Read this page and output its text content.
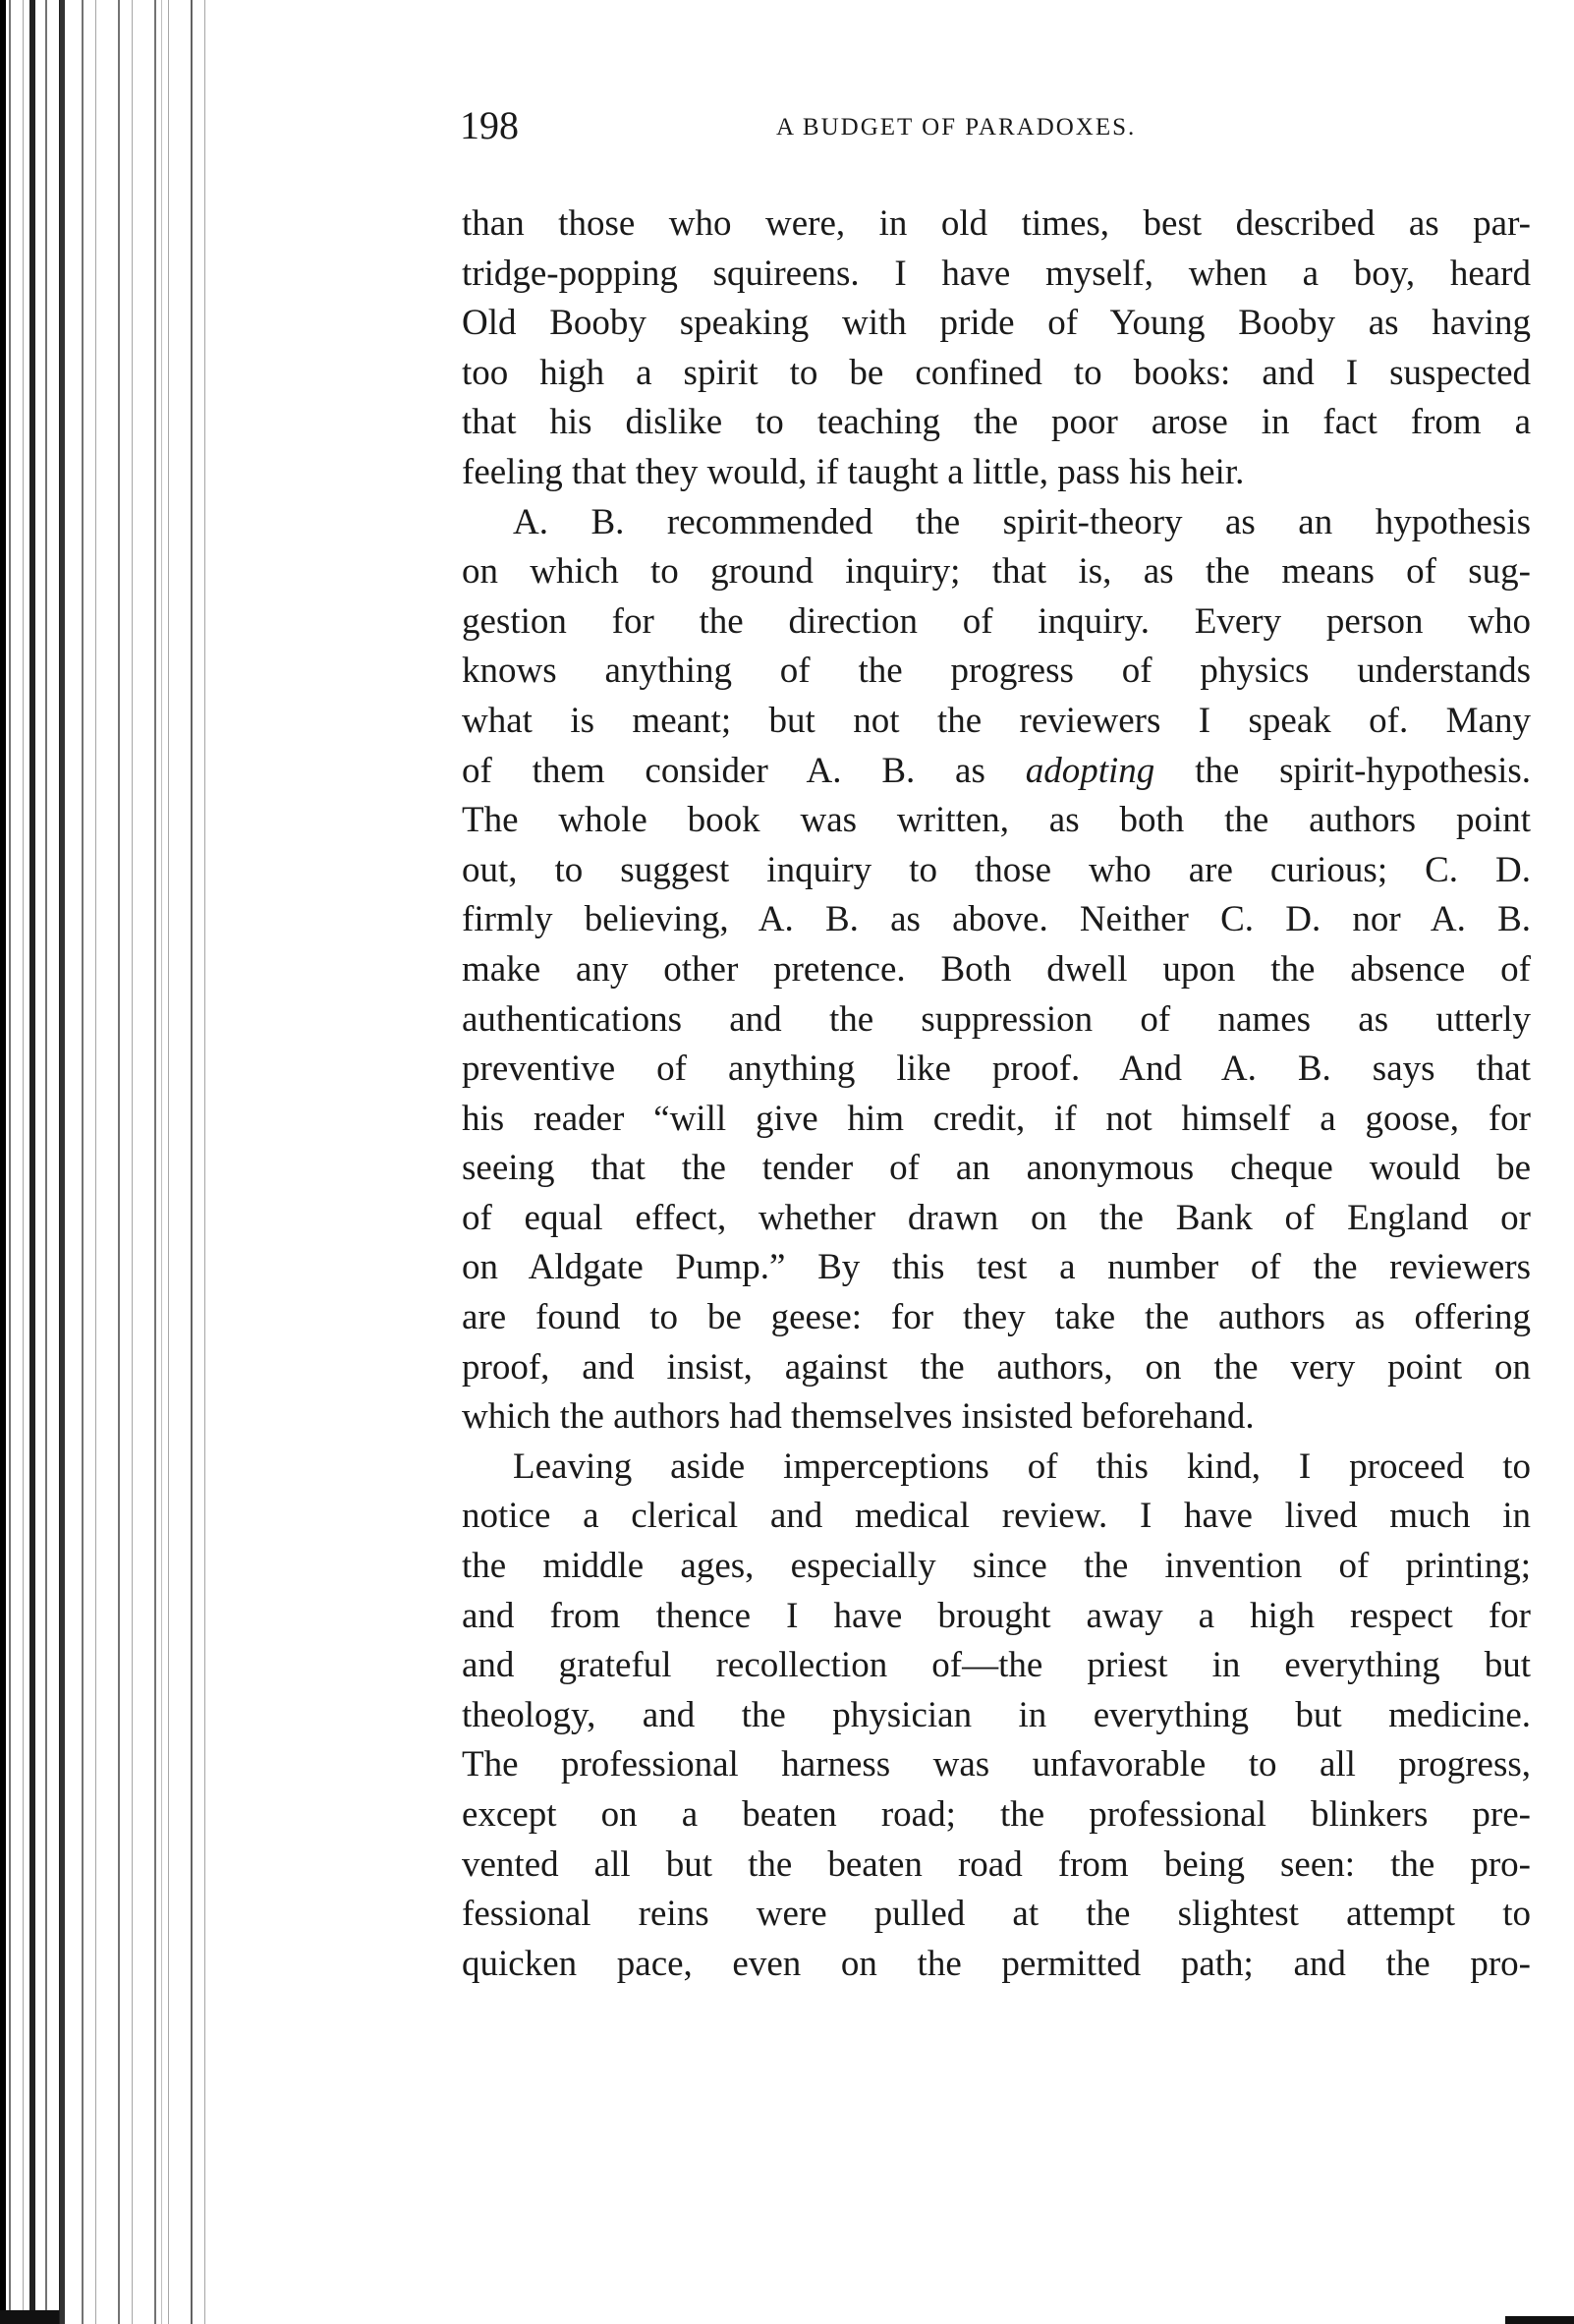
198	A BUDGET OF PARADOXES.
than those who were, in old times, best described as par-
tridge-popping squireens. I have myself, when a boy, heard
Old Booby speaking with pride of Young Booby as having
too high a spirit to be confined to books: and I suspected
that his dislike to teaching the poor arose in fact from a
feeling that they would, if taught a little, pass his heir.
A. B. recommended the spirit-theory as an hypothesis
on which to ground inquiry; that is, as the means of sug-
gestion for the direction of inquiry. Every person who
knows anything of the progress of physics understands
what is meant; but not the reviewers I speak of. Many
of them consider A. B. as adopting the spirit-hypothesis.
The whole book was written, as both the authors point
out, to suggest inquiry to those who are curious; C. D.
firmly believing, A. B. as above. Neither C. D. nor A. B.
make any other pretence. Both dwell upon the absence of
authentications and the suppression of names as utterly
preventive of anything like proof. And A. B. says that
his reader “will give him credit, if not himself a goose, for
seeing that the tender of an anonymous cheque would be
of equal effect, whether drawn on the Bank of England or
on Aldgate Pump.” By this test a number of the reviewers
are found to be geese: for they take the authors as offering
proof, and insist, against the authors, on the very point on
which the authors had themselves insisted beforehand.
Leaving aside imperceptions of this kind, I proceed to
notice a clerical and medical review. I have lived much in
the middle ages, especially since the invention of printing;
and from thence I have brought away a high respect for
and grateful recollection of—the priest in everything but
theology, and the physician in everything but medicine.
The professional harness was unfavorable to all progress,
except on a beaten road; the professional blinkers pre-
vented all but the beaten road from being seen: the pro-
fessional reins were pulled at the slightest attempt to
quicken pace, even on the permitted path; and the pro-
